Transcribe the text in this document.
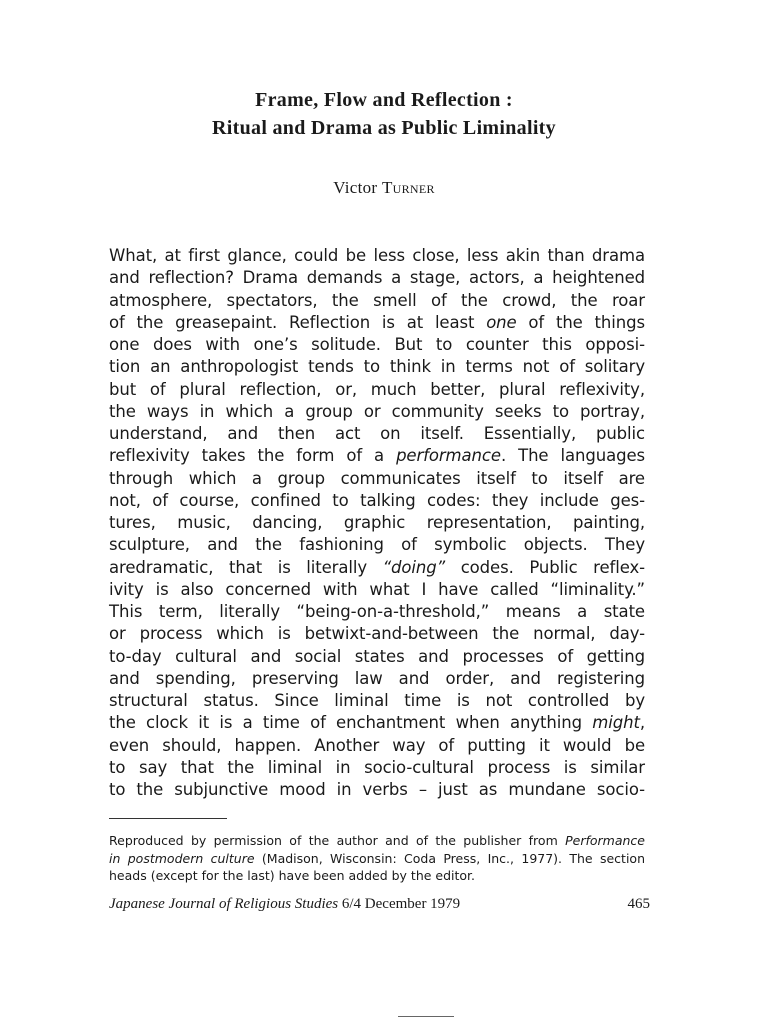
Frame, Flow and Reflection :
Ritual and Drama as Public Liminality
Victor Turner
What, at first glance, could be less close, less akin than drama
and reflection? Drama demands a stage, actors, a heightened
atmosphere, spectators, the smell of the crowd, the roar
of the greasepaint. Reflection is at least one of the things
one does with one’s solitude. But to counter this opposi-
tion an anthropologist tends to think in terms not of solitary
but of plural reflection, or, much better, plural reflexivity,
the ways in which a group or community seeks to portray,
understand, and then act on itself. Essentially, public
reflexivity takes the form of a performance. The languages
through which a group communicates itself to itself are
not, of course, confined to talking codes: they include ges-
tures, music, dancing, graphic representation, painting,
sculpture, and the fashioning of symbolic objects. They
aredramatic, that is literally “doing” codes. Public reflex-
ivity is also concerned with what I have called “liminality.”
This term, literally “being-on-a-threshold,” means a state
or process which is betwixt-and-between the normal, day-
to-day cultural and social states and processes of getting
and spending, preserving law and order, and registering
structural status. Since liminal time is not controlled by
the clock it is a time of enchantment when anything might,
even should, happen. Another way of putting it would be
to say that the liminal in socio-cultural process is similar
to the subjunctive mood in verbs – just as mundane socio-
Reproduced by permission of the author and of the publisher from Performance
in postmodern culture (Madison, Wisconsin: Coda Press, Inc., 1977). The section
heads (except for the last) have been added by the editor.
Japanese Journal of Religious Studies 6/4 December 1979	465
